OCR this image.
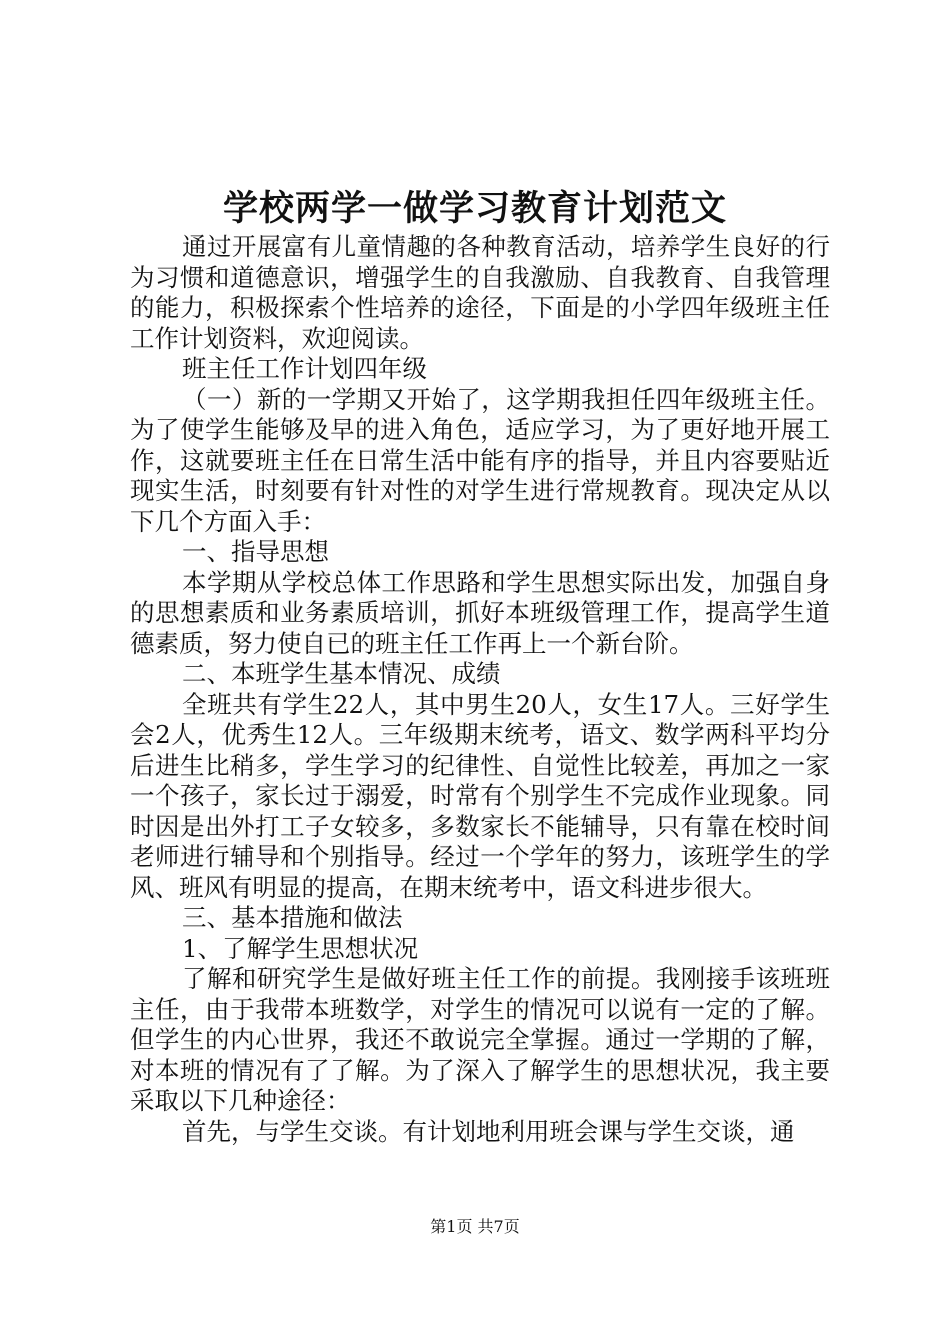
学校两学一做学习教育计划范文

通过开展富有儿童情趣的各种教育活动，培养学生良好的行为习惯和道德意识，增强学生的自我激励、自我教育、自我管理的能力，积极探索个性培养的途径，下面是的小学四年级班主任工作计划资料，欢迎阅读。

班主任工作计划四年级

（一）新的一学期又开始了，这学期我担任四年级班主任。为了使学生能够及早的进入角色，适应学习，为了更好地开展工作，这就要班主任在日常生活中能有序的指导，并且内容要贴近现实生活，时刻要有针对性的对学生进行常规教育。现决定从以下几个方面入手：

一、指导思想

本学期从学校总体工作思路和学生思想实际出发，加强自身的思想素质和业务素质培训，抓好本班级管理工作，提高学生道德素质，努力使自已的班主任工作再上一个新台阶。

二、本班学生基本情况、成绩

全班共有学生22人，其中男生20人，女生17人。三好学生会2人，优秀生12人。三年级期末统考，语文、数学两科平均分后进生比稍多，学生学习的纪律性、自觉性比较差，再加之一家一个孩子，家长过于溺爱，时常有个别学生不完成作业现象。同时因是出外打工子女较多，多数家长不能辅导，只有靠在校时间老师进行辅导和个别指导。经过一个学年的努力，该班学生的学风、班风有明显的提高，在期末统考中，语文科进步很大。

三、基本措施和做法

1、了解学生思想状况

了解和研究学生是做好班主任工作的前提。我刚接手该班班主任，由于我带本班数学，对学生的情况可以说有一定的了解。但学生的内心世界，我还不敢说完全掌握。通过一学期的了解，对本班的情况有了了解。为了深入了解学生的思想状况，我主要采取以下几种途径：

首先，与学生交谈。有计划地利用班会课与学生交谈，通

第1页 共7页
